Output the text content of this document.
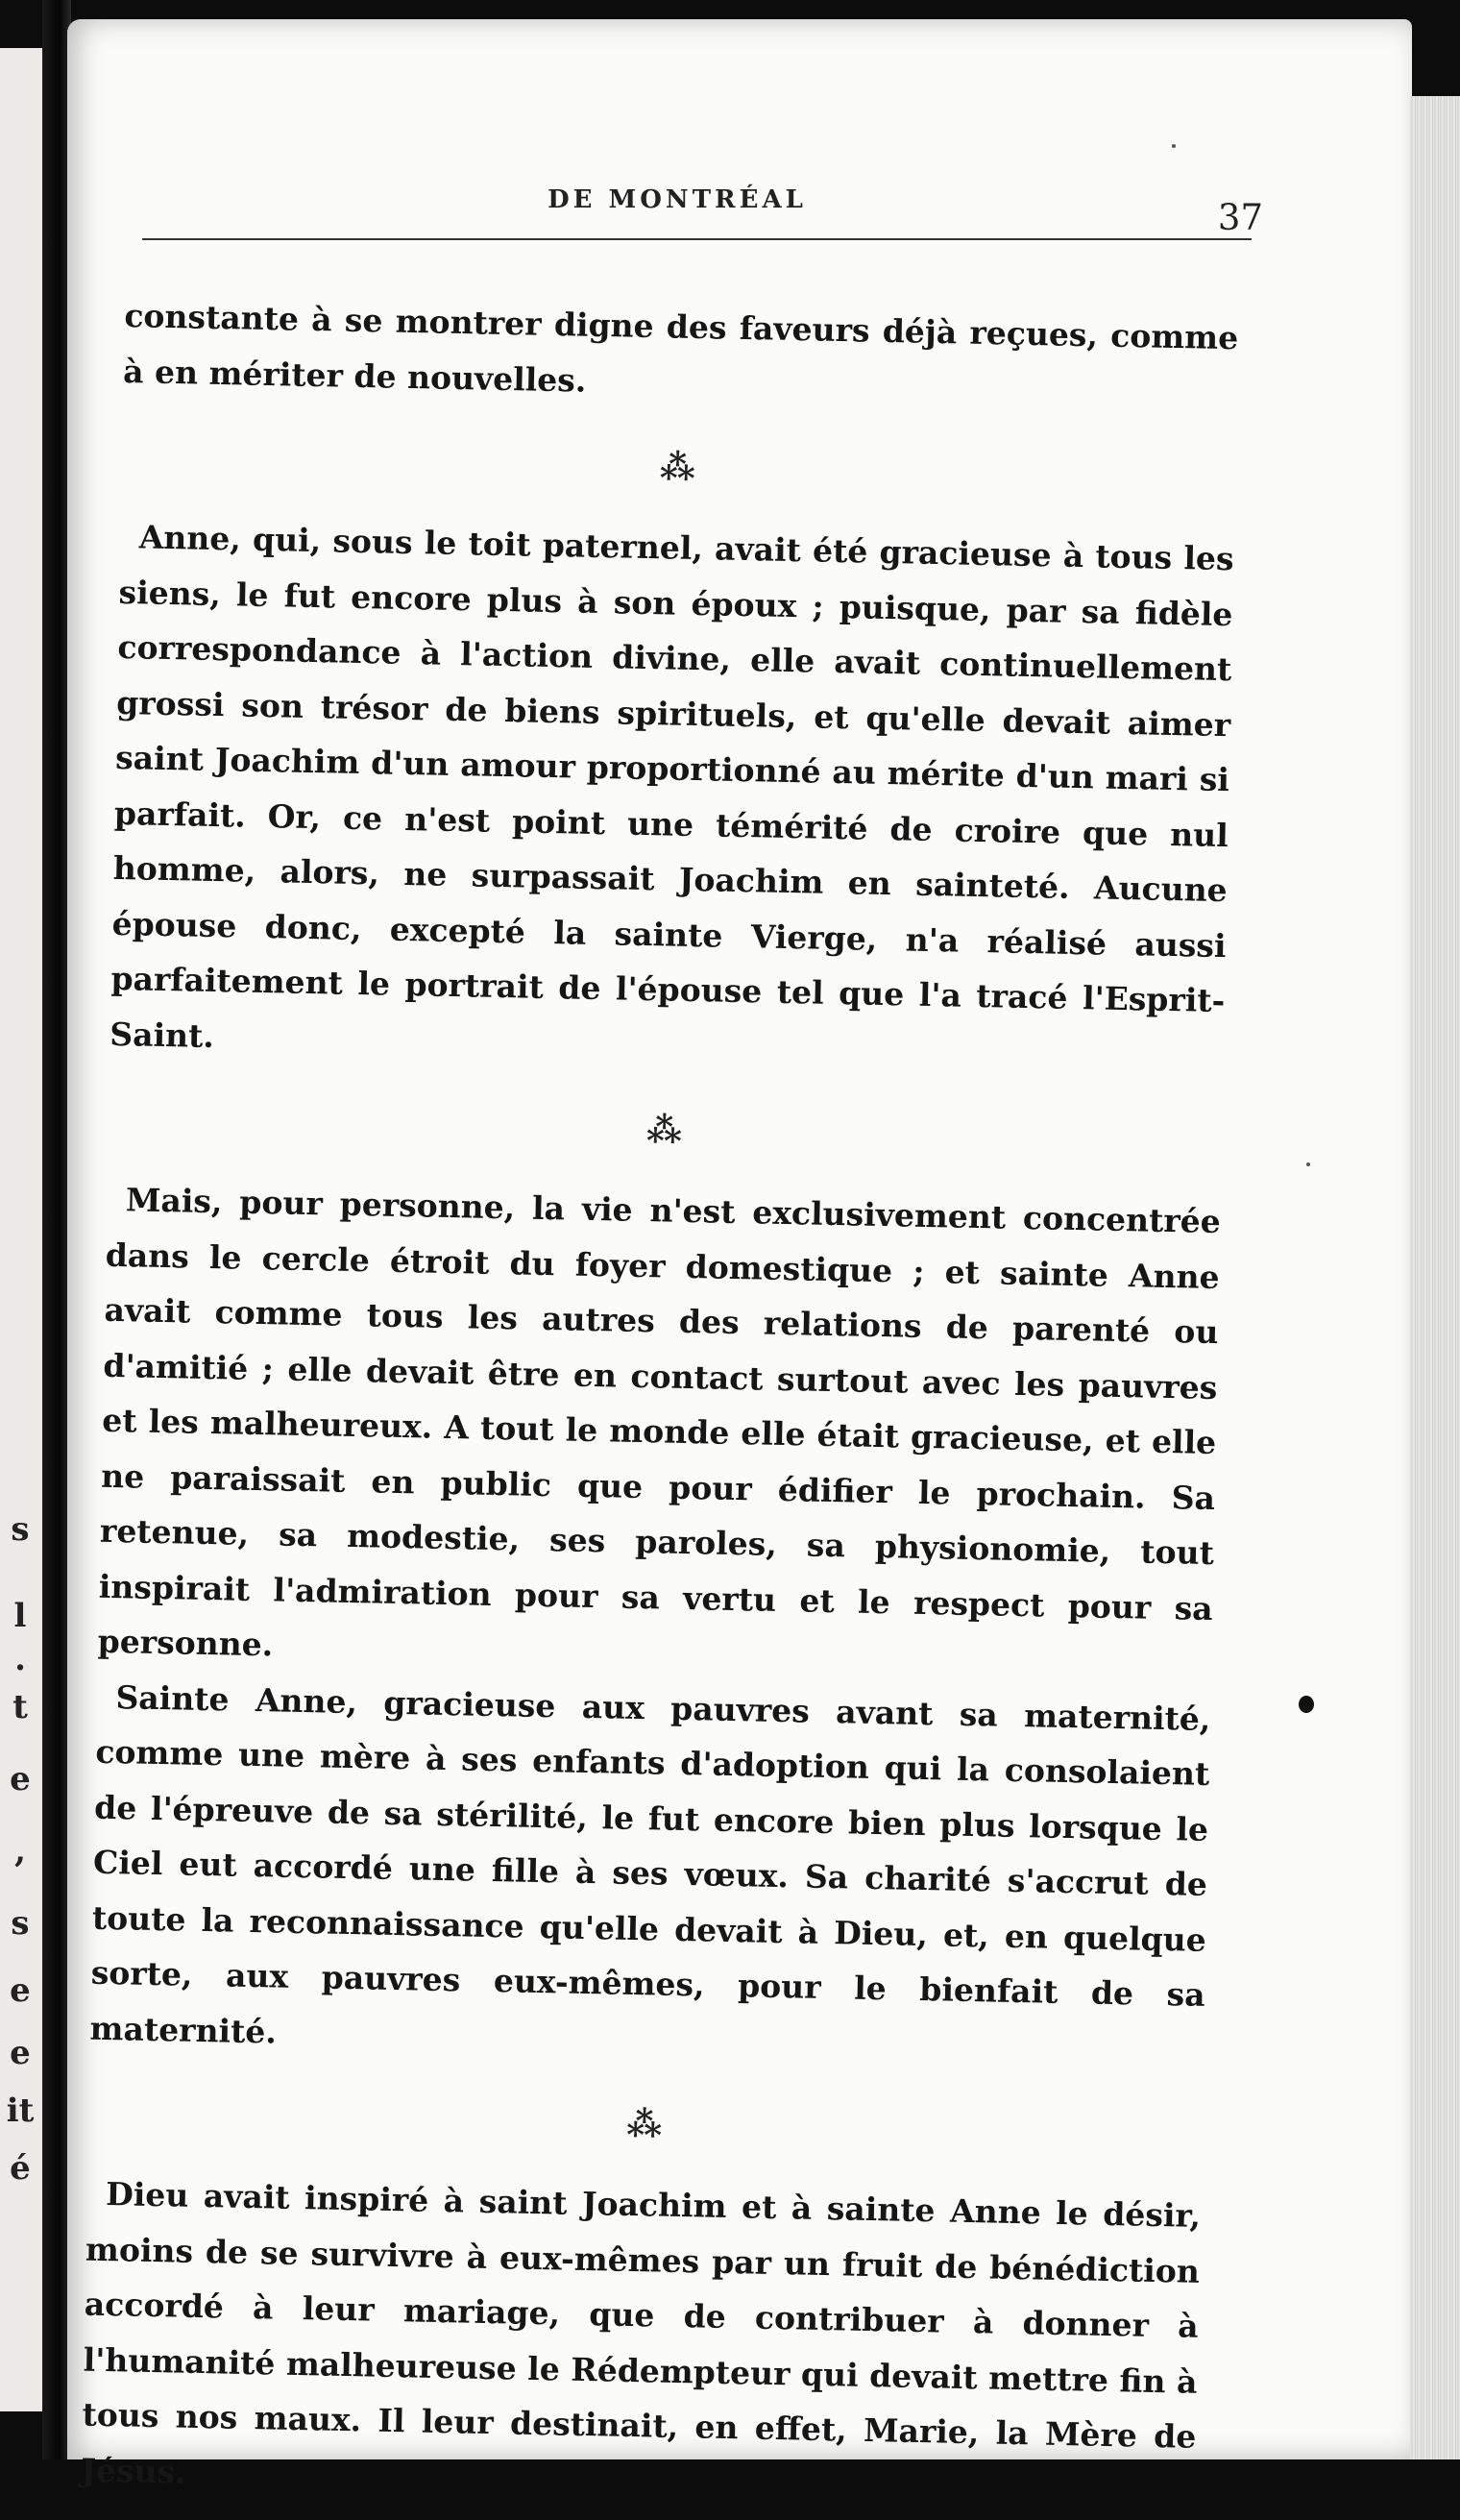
s
l
.
t
e
,
s
e
e
it
é
DE MONTRÉAL	37

constante à se montrer digne des faveurs déjà reçues, comme à en mériter de nouvelles.

⁂

Anne, qui, sous le toit paternel, avait été gracieuse à tous les siens, le fut encore plus à son époux ; puisque, par sa fidèle correspondance à l'action divine, elle avait continuellement grossi son trésor de biens spirituels, et qu'elle devait aimer saint Joachim d'un amour proportionné au mérite d'un mari si parfait. Or, ce n'est point une témérité de croire que nul homme, alors, ne surpassait Joachim en sainteté. Aucune épouse donc, excepté la sainte Vierge, n'a réalisé aussi parfaitement le portrait de l'épouse tel que l'a tracé l'Esprit-Saint.

⁂

Mais, pour personne, la vie n'est exclusivement concentrée dans le cercle étroit du foyer domestique ; et sainte Anne avait comme tous les autres des relations de parenté ou d'amitié ; elle devait être en contact surtout avec les pauvres et les malheureux. A tout le monde elle était gracieuse, et elle ne paraissait en public que pour édifier le prochain. Sa retenue, sa modestie, ses paroles, sa physionomie, tout inspirait l'admiration pour sa vertu et le respect pour sa personne.

Sainte Anne, gracieuse aux pauvres avant sa maternité, comme une mère à ses enfants d'adoption qui la consolaient de l'épreuve de sa stérilité, le fut encore bien plus lorsque le Ciel eut accordé une fille à ses vœux. Sa charité s'accrut de toute la reconnaissance qu'elle devait à Dieu, et, en quelque sorte, aux pauvres eux-mêmes, pour le bienfait de sa maternité.

⁂

Dieu avait inspiré à saint Joachim et à sainte Anne le désir, moins de se survivre à eux-mêmes par un fruit de bénédiction accordé à leur mariage, que de contribuer à donner à l'humanité malheureuse le Rédempteur qui devait mettre fin à tous nos maux. Il leur destinait, en effet, Marie, la Mère de Jésus.
